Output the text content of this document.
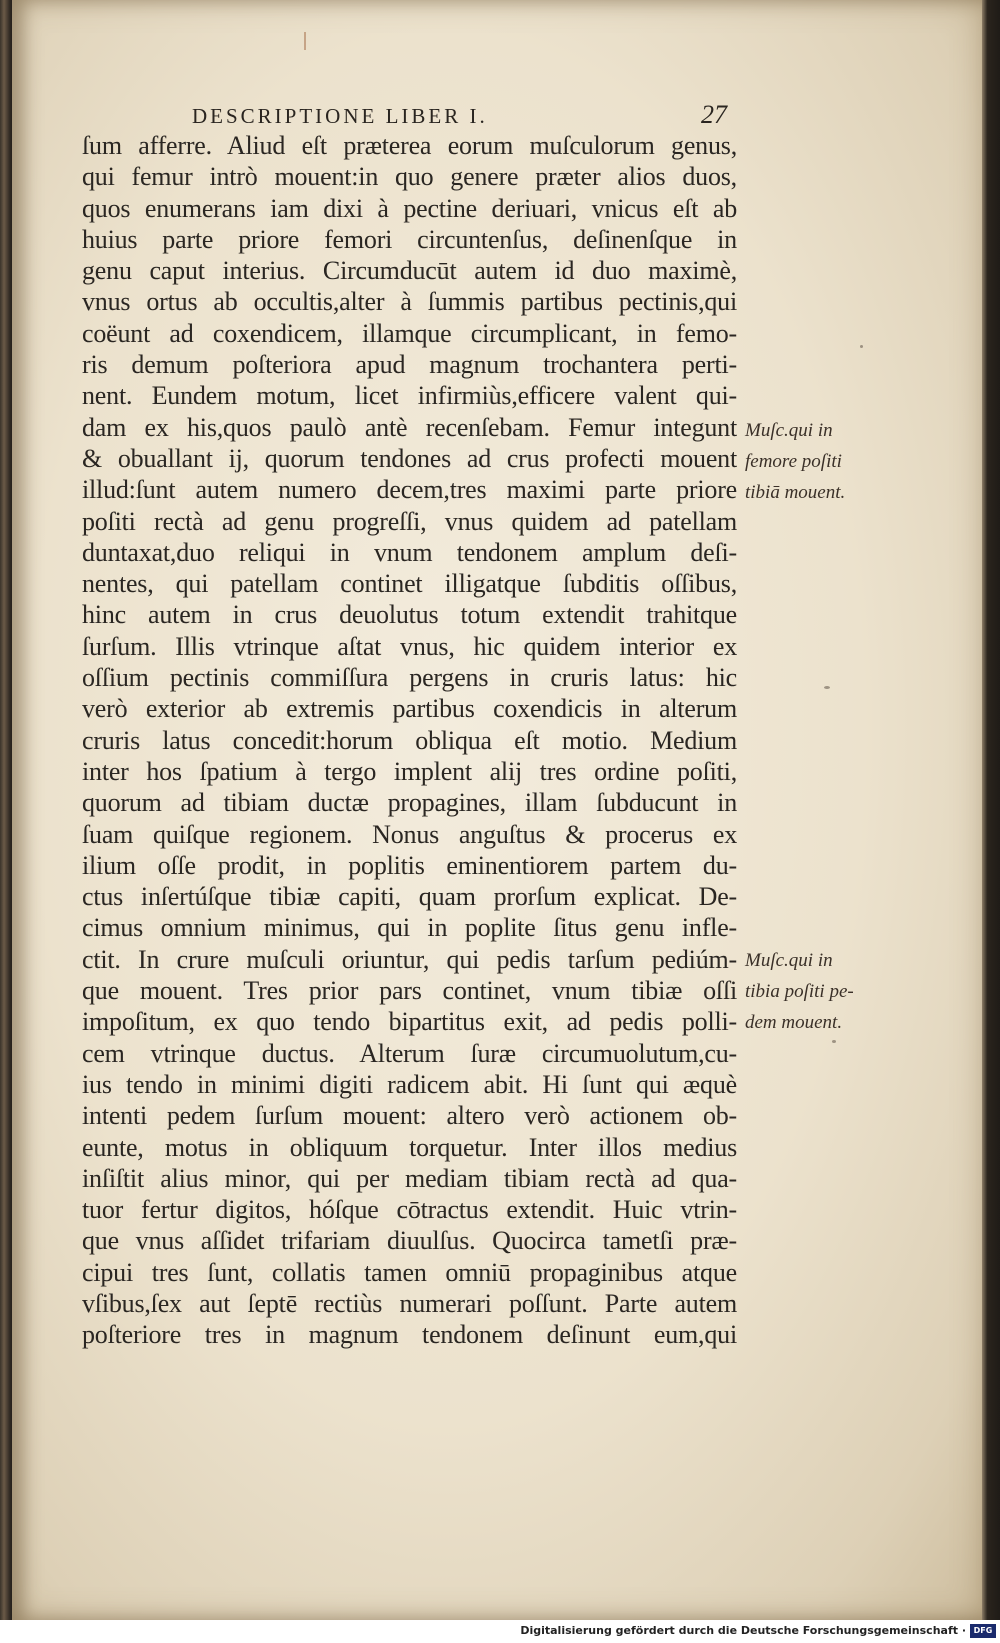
DESCRIPTIONE LIBER I.	27
ſum afferre. Aliud eſt præterea eorum muſculorum genus,
qui femur intrò mouent:in quo genere præter alios duos,
quos enumerans iam dixi à pectine deriuari, vnicus eſt ab
huius parte priore femori circuntenſus, deſinenſque in
genu caput interius. Circumducūt autem id duo maximè,
vnus ortus ab occultis,alter à ſummis partibus pectinis,qui
coëunt ad coxendicem, illamque circumplicant, in femo-
ris demum poſteriora apud magnum trochantera perti-
nent. Eundem motum, licet infirmiùs,efficere valent qui-
dam ex his,quos paulò antè recenſebam. Femur integunt
& obuallant ij, quorum tendones ad crus profecti mouent
illud:ſunt autem numero decem,tres maximi parte priore
poſiti rectà ad genu progreſſi, vnus quidem ad patellam
duntaxat,duo reliqui in vnum tendonem amplum deſi-
nentes, qui patellam continet illigatque ſubditis oſſibus,
hinc autem in crus deuolutus totum extendit trahitque
ſurſum. Illis vtrinque aſtat vnus, hic quidem interior ex
oſſium pectinis commiſſura pergens in cruris latus: hic
verò exterior ab extremis partibus coxendicis in alterum
cruris latus concedit:horum obliqua eſt motio. Medium
inter hos ſpatium à tergo implent alij tres ordine poſiti,
quorum ad tibiam ductæ propagines, illam ſubducunt in
ſuam quiſque regionem. Nonus anguſtus & procerus ex
ilium oſſe prodit, in poplitis eminentiorem partem du-
ctus inſertúſque tibiæ capiti, quam prorſum explicat. De-
cimus omnium minimus, qui in poplite ſitus genu infle-
ctit. In crure muſculi oriuntur, qui pedis tarſum pediúm-
que mouent. Tres prior pars continet, vnum tibiæ oſſi
impoſitum, ex quo tendo bipartitus exit, ad pedis polli-
cem vtrinque ductus. Alterum ſuræ circumuolutum,cu-
ius tendo in minimi digiti radicem abit. Hi ſunt qui æquè
intenti pedem ſurſum mouent: altero verò actionem ob-
eunte, motus in obliquum torquetur. Inter illos medius
inſiſtit alius minor, qui per mediam tibiam rectà ad qua-
tuor fertur digitos, hóſque cōtractus extendit. Huic vtrin-
que vnus aſſidet trifariam diuulſus. Quocirca tametſi præ-
cipui tres ſunt, collatis tamen omniū propaginibus atque
vſibus,ſex aut ſeptē rectiùs numerari poſſunt. Parte autem
poſteriore tres in magnum tendonem deſinunt eum,qui
Muſc.qui in
femore poſiti
tibiā mouent.
Muſc.qui in
tibia poſiti pe-
dem mouent.
Digitalisierung gefördert durch die Deutsche Forschungsgemeinschaft · DFG
